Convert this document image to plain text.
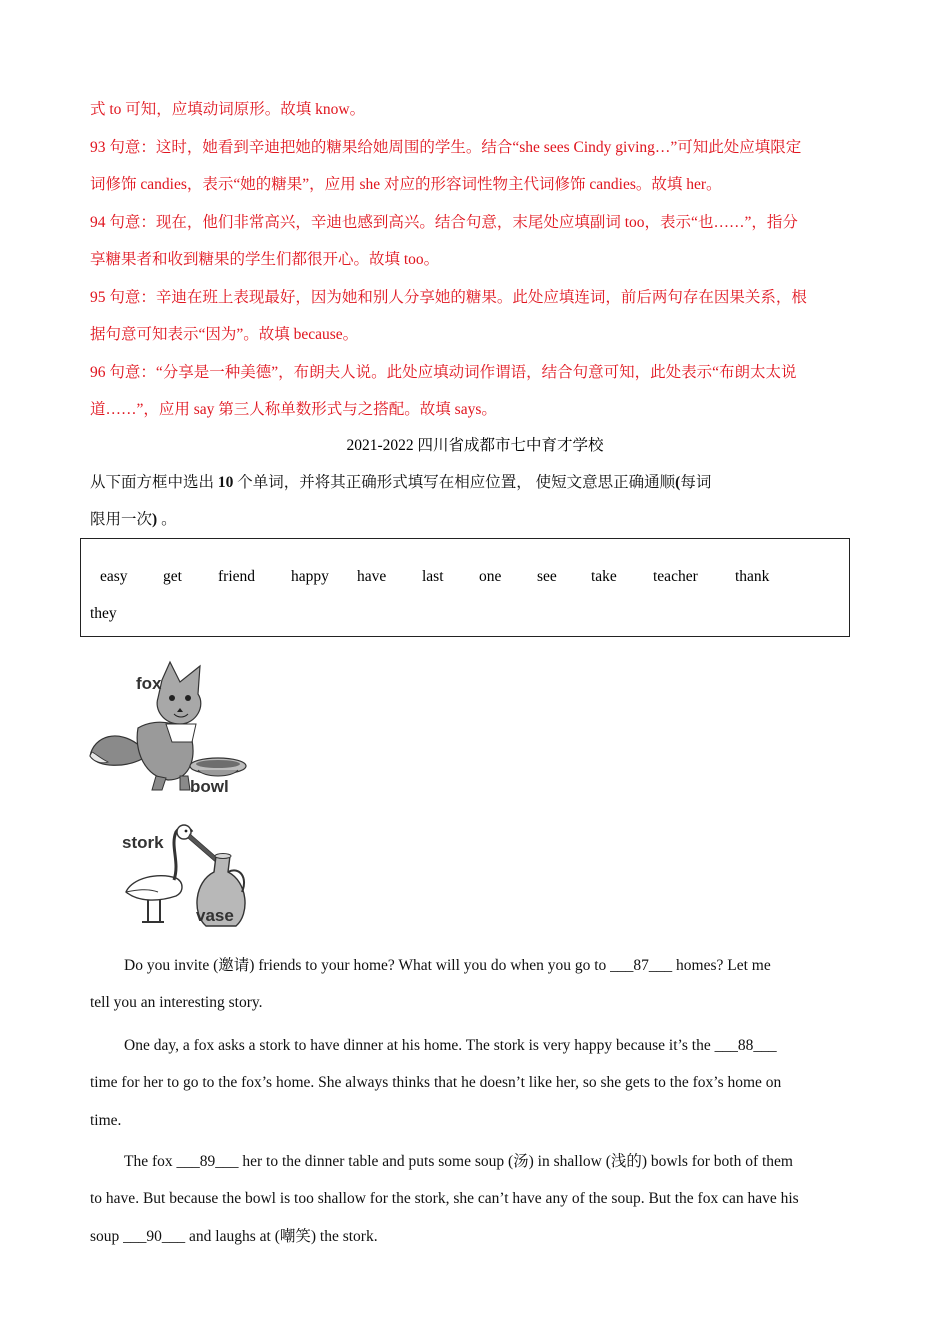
式 to 可知，应填动词原形。故填 know。
93 句意：这时，她看到辛迪把她的糖果给她周围的学生。结合“she sees Cindy giving…”可知此处应填限定
词修饰 candies，表示“她的糖果”，应用 she 对应的形容词性物主代词修饰 candies。故填 her。
94 句意：现在，他们非常高兴，辛迪也感到高兴。结合句意，末尾处应填副词 too，表示“也……”，指分
享糖果者和收到糖果的学生们都很开心。故填 too。
95 句意：辛迪在班上表现最好，因为她和别人分享她的糖果。此处应填连词，前后两句存在因果关系，根
据句意可知表示“因为”。故填 because。
96 句意：“分享是一种美德”，布朗夫人说。此处应填动词作谓语，结合句意可知，此处表示“布朗太太说
道……”，应用 say 第三人称单数形式与之搭配。故填 says。
2021-2022 四川省成都市七中育才学校
从下面方框中选出 10 个单词，并将其正确形式填写在相应位置， 使短文意思正确通顺(每词
限用一次) 。
easy get friend happy have last one see take teacher thank
they
fox
bowl
stork
vase
Do you invite (邀请) friends to your home? What will you do when you go to ___87___ homes? Let me
tell you an interesting story.
One day, a fox asks a stork to have dinner at his home. The stork is very happy because it’s the ___88___
time for her to go to the fox’s home. She always thinks that he doesn’t like her, so she gets to the fox’s home on
time.
The fox ___89___ her to the dinner table and puts some soup (汤) in shallow (浅的) bowls for both of them
to have. But because the bowl is too shallow for the stork, she can’t have any of the soup. But the fox can have his
soup ___90___ and laughs at (嘲笑) the stork.
